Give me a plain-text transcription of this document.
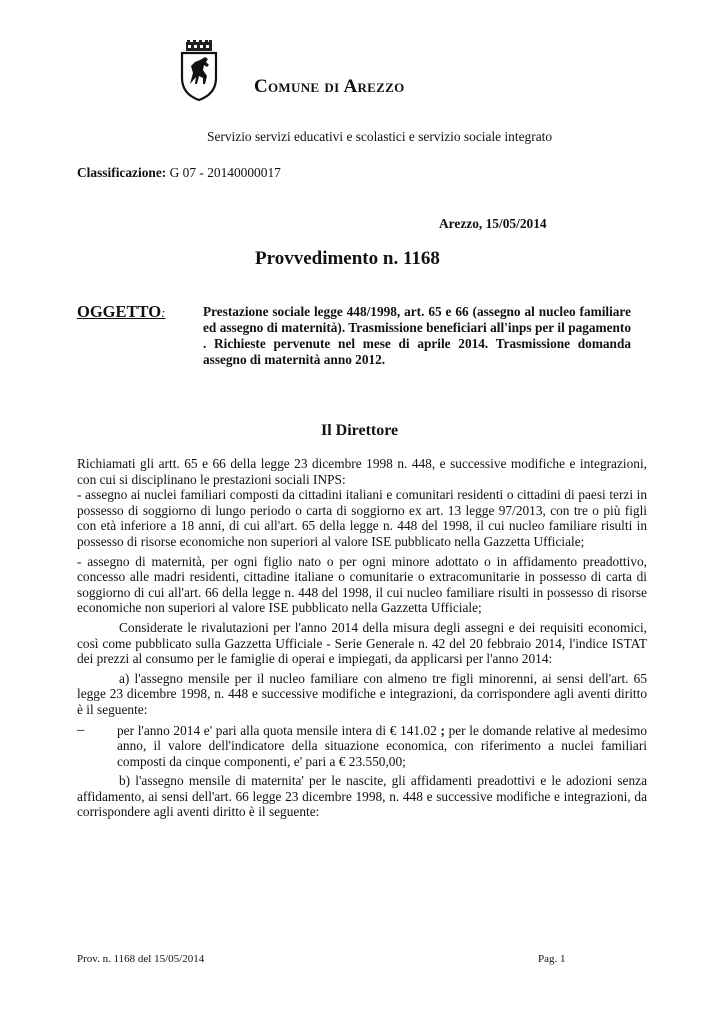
Comune di Arezzo
Servizio servizi educativi e scolastici e servizio sociale integrato
Classificazione: G 07 - 20140000017
Arezzo, 15/05/2014
Provvedimento n. 1168
OGGETTO:	Prestazione sociale legge 448/1998, art. 65 e 66 (assegno al nucleo familiare ed assegno di maternità). Trasmissione beneficiari all'inps per il pagamento . Richieste pervenute nel mese di aprile 2014. Trasmissione domanda assegno di maternità anno 2012.
Il Direttore

Richiamati gli artt. 65 e 66 della legge 23 dicembre 1998 n. 448, e successive modifiche e integrazioni, con cui si disciplinano le prestazioni sociali INPS:

- assegno ai nuclei familiari composti da cittadini italiani e comunitari residenti o cittadini di paesi terzi in possesso di soggiorno di lungo periodo o carta di soggiorno ex art. 13 legge 97/2013, con tre o più figli con età inferiore a 18 anni, di cui all'art. 65 della legge n. 448 del 1998, il cui nucleo familiare risulti in possesso di risorse economiche non superiori al valore ISE pubblicato nella Gazzetta Ufficiale;

- assegno di maternità, per ogni figlio nato o per ogni minore adottato o in affidamento preadottivo, concesso alle madri residenti, cittadine italiane o comunitarie o extracomunitarie in possesso di carta di soggiorno di cui all'art. 66 della legge n. 448 del 1998, il cui nucleo familiare risulti in possesso di risorse economiche non superiori al valore ISE pubblicato nella Gazzetta Ufficiale;

Considerate le rivalutazioni per l'anno 2014 della misura degli assegni e dei requisiti economici, così come pubblicato sulla Gazzetta Ufficiale - Serie Generale n. 42 del 20 febbraio 2014, l'indice ISTAT dei prezzi al consumo per le famiglie di operai e impiegati, da applicarsi per l'anno 2014:

a) l'assegno mensile per il nucleo familiare con almeno tre figli minorenni, ai sensi dell'art. 65 legge 23 dicembre 1998, n. 448 e successive modifiche e integrazioni, da corrispondere agli aventi diritto è il seguente:

–	per l'anno 2014 e' pari alla quota mensile intera di € 141.02 ; per le domande relative al medesimo anno, il valore dell'indicatore della situazione economica, con riferimento a nuclei familiari composti da cinque componenti, e' pari a € 23.550,00;

b) l'assegno mensile di maternita' per le nascite, gli affidamenti preadottivi e le adozioni senza affidamento, ai sensi dell'art. 66 legge 23 dicembre 1998, n. 448 e successive modifiche e integrazioni, da corrispondere agli aventi diritto è il seguente:

Prov. n. 1168 del 15/05/2014	Pag. 1
